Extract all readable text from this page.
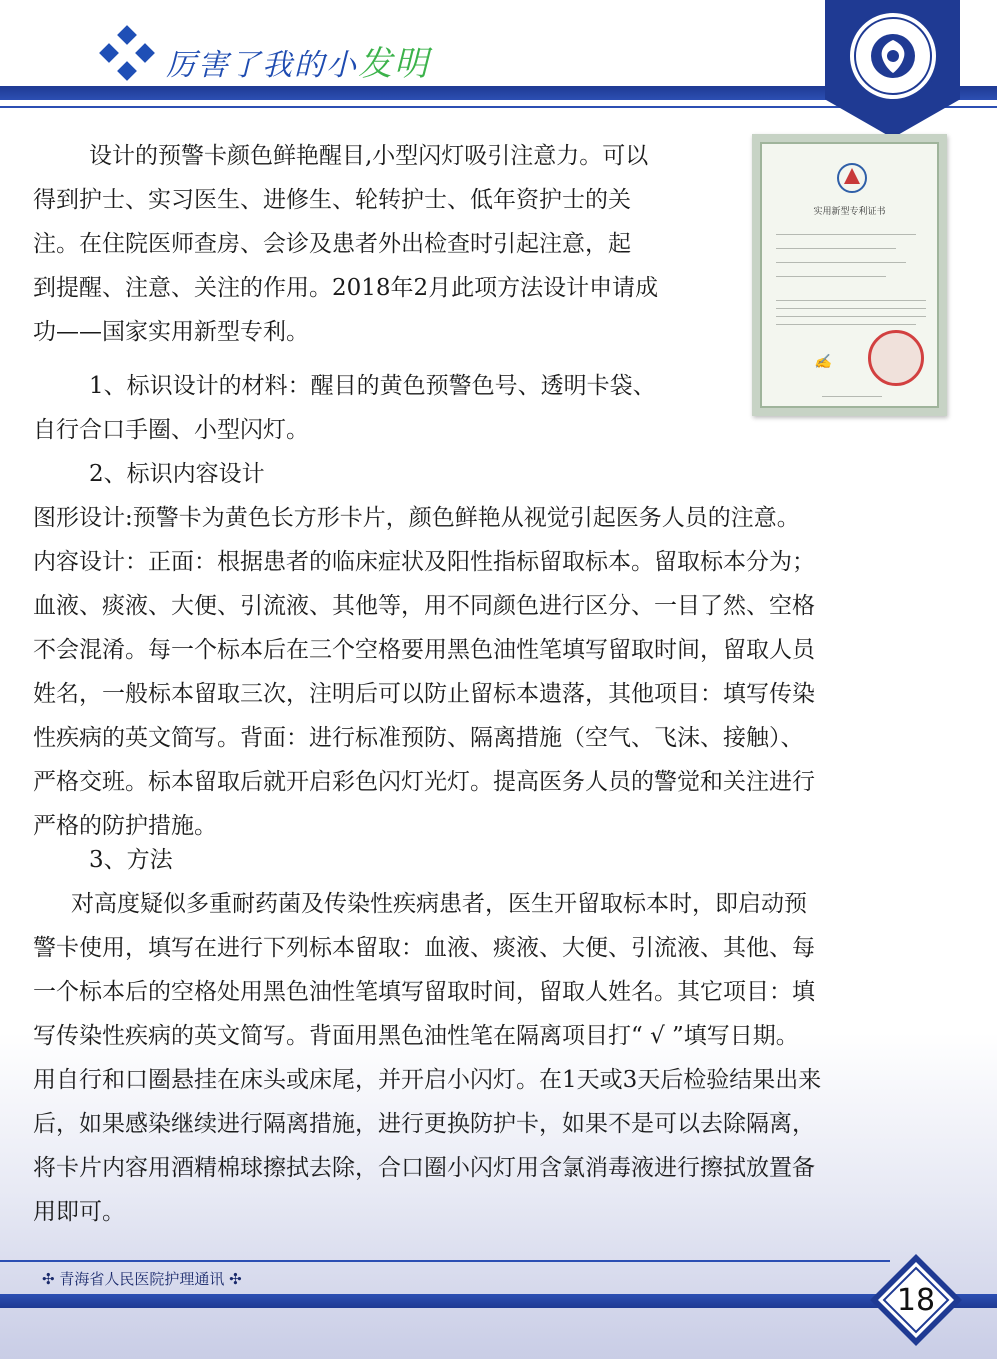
厉害了我的小发明
实用新型专利证书
✍

设计的预警卡颜色鲜艳醒目,小型闪灯吸引注意力。可以

得到护士、实习医生、进修生、轮转护士、低年资护士的关

注。在住院医师查房、会诊及患者外出检查时引起注意，起

到提醒、注意、关注的作用。2018年2月此项方法设计申请成

功——国家实用新型专利。

1、标识设计的材料：醒目的黄色预警色号、透明卡袋、

自行合口手圈、小型闪灯。

2、标识内容设计

图形设计:预警卡为黄色长方形卡片，颜色鲜艳从视觉引起医务人员的注意。

内容设计：正面：根据患者的临床症状及阳性指标留取标本。留取标本分为；

血液、痰液、大便、引流液、其他等，用不同颜色进行区分、一目了然、空格

不会混淆。每一个标本后在三个空格要用黑色油性笔填写留取时间，留取人员

姓名，一般标本留取三次，注明后可以防止留标本遗落，其他项目：填写传染

性疾病的英文简写。背面：进行标准预防、隔离措施（空气、飞沫、接触）、

严格交班。标本留取后就开启彩色闪灯光灯。提高医务人员的警觉和关注进行

严格的防护措施。

3、方法

对高度疑似多重耐药菌及传染性疾病患者，医生开留取标本时，即启动预

警卡使用，填写在进行下列标本留取：血液、痰液、大便、引流液、其他、每

一个标本后的空格处用黑色油性笔填写留取时间，留取人姓名。其它项目：填

写传染性疾病的英文简写。背面用黑色油性笔在隔离项目打“ √ ”填写日期。

用自行和口圈悬挂在床头或床尾，并开启小闪灯。在1天或3天后检验结果出来

后，如果感染继续进行隔离措施，进行更换防护卡，如果不是可以去除隔离，

将卡片内容用酒精棉球擦拭去除，合口圈小闪灯用含氯消毒液进行擦拭放置备

用即可。

✣ 青海省人民医院护理通讯 ✣
18
